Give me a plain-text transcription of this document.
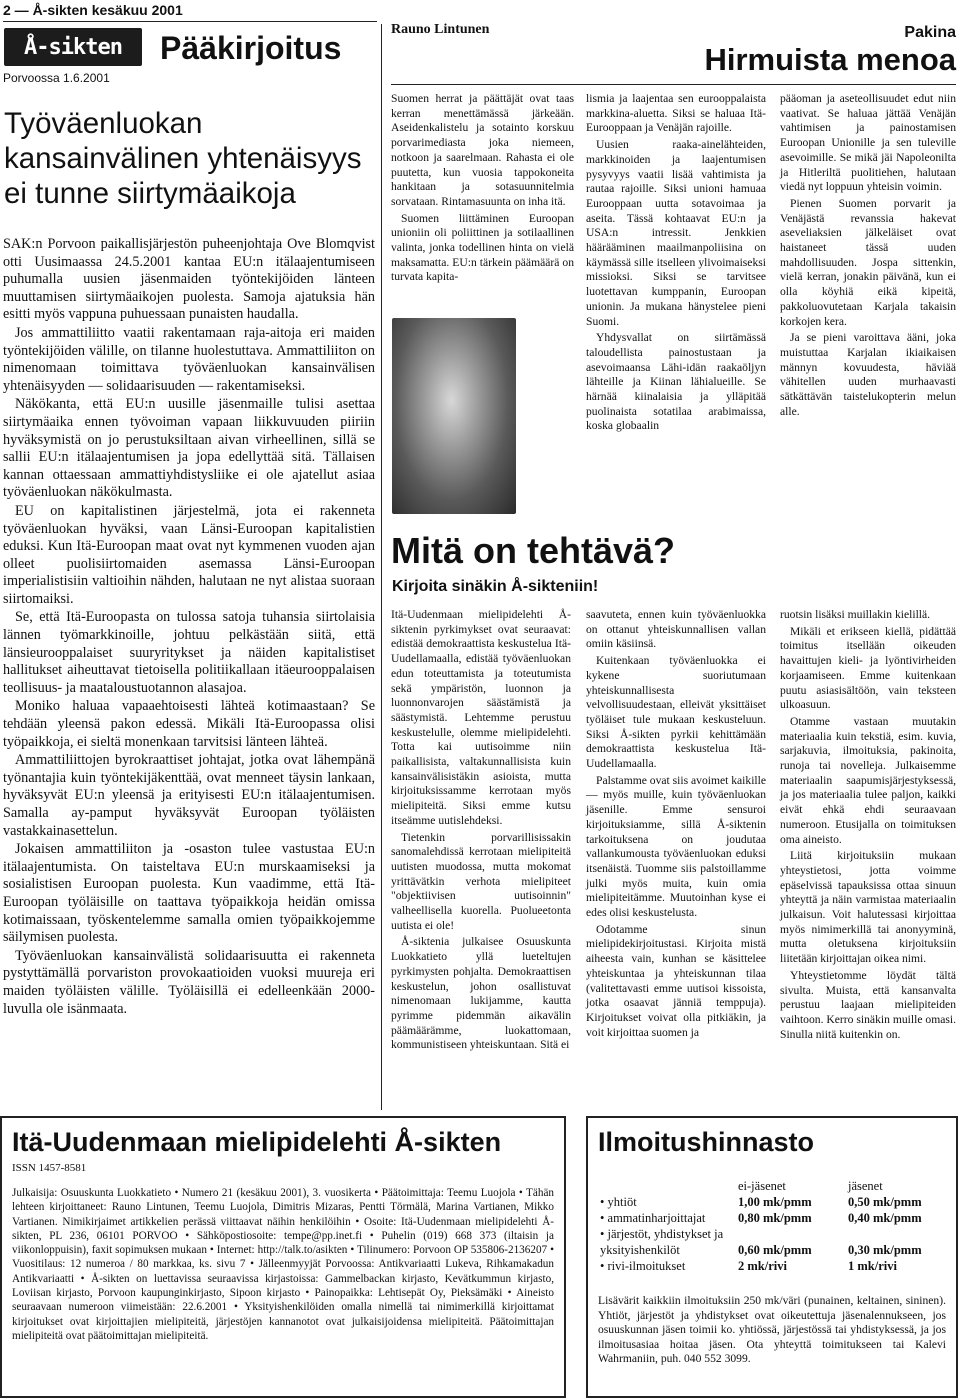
2 — Å-sikten kesäkuu 2001
Å-sikten	Pääkirjoitus
Porvoossa 1.6.2001
Työväenluokan kansainvälinen yhtenäisyys ei tunne siirtymäaikoja

SAK:n Porvoon paikallisjärjestön puheenjohtaja Ove Blomqvist otti Uusimaassa 24.5.2001 kantaa EU:n itälaajentumiseen puhumalla uusien jäsenmaiden työntekijöiden länteen muuttamisen siirtymäaikojen puolesta. Samoja ajatuksia hän esitti myös vappuna puhuessaan punaisten haudalla.

Jos ammattiliitto vaatii rakentamaan raja-aitoja eri maiden työntekijöiden välille, on tilanne huolestuttava. Ammattiliiton on nimenomaan toimittava työväenluokan kansainvälisen yhtenäisyyden — solidaarisuuden — rakentamiseksi.

Näkökanta, että EU:n uusille jäsenmaille tulisi asettaa siirtymäaika ennen työvoiman vapaan liikkuvuuden piiriin hyväksymistä on jo perustuksiltaan aivan virheellinen, sillä se sallii EU:n itälaajentumisen ja jopa edellyttää sitä. Tällaisen kannan ottaessaan ammattiyhdistysliike ei ole ajatellut asiaa työväenluokan näkökulmasta.

EU on kapitalistinen järjestelmä, jota ei rakenneta työväenluokan hyväksi, vaan Länsi-Euroopan kapitalistien eduksi. Kun Itä-Euroopan maat ovat nyt kymmenen vuoden ajan olleet puolisiirtomaiden asemassa Länsi-Euroopan imperialistisiin valtioihin nähden, halutaan ne nyt alistaa suoraan siirtomaiksi.

Se, että Itä-Euroopasta on tulossa satoja tuhansia siirtolaisia lännen työmarkkinoille, johtuu pelkästään siitä, että länsieurooppalaiset suuryritykset ja näiden kapitalistiset hallitukset aiheuttavat tietoisella politiikallaan itäeurooppalaisen teollisuus- ja maataloustuotannon alasajoa.

Moniko haluaa vapaaehtoisesti lähteä kotimaastaan? Se tehdään yleensä pakon edessä. Mikäli Itä-Euroopassa olisi työpaikkoja, ei sieltä monenkaan tarvitsisi länteen lähteä.

Ammattiliittojen byrokraattiset johtajat, jotka ovat lähempänä työnantajia kuin työntekijäkenttää, ovat menneet täysin lankaan, hyväksyvät EU:n yleensä ja erityisesti EU:n itälaajentumisen. Samalla ay-pamput hyväksyvät Euroopan työläisten vastakkainasettelun.

Jokaisen ammattiliiton ja -osaston tulee vastustaa EU:n itälaajentumista. On taisteltava EU:n murskaamiseksi ja sosialistisen Euroopan puolesta. Kun vaadimme, että Itä-Euroopan työläisille on taattava työpaikkoja heidän omissa kotimaissaan, työskentelemme samalla omien työpaikkojemme säilymisen puolesta.

Työväenluokan kansainvälistä solidaarisuutta ei rakenneta pystyttämällä porvariston provokaatioiden vuoksi muureja eri maiden työläisten välille. Työläisillä ei edelleenkään 2000-luvulla ole isänmaata.

Rauno Lintunen	Pakina
Hirmuista menoa

Suomen herrat ja päättäjät ovat taas kerran menettämässä järkeään. Aseidenkalistelu ja sotainto korskuu porvarimediasta joka niemeen, notkoon ja saarelmaan. Rahasta ei ole puutetta, kun vuosia tappokoneita hankitaan ja sotasuunnitelmia sorvataan. Rintamasuunta on inha itä.

Suomen liittäminen Euroopan unioniin oli poliittinen ja sotilaallinen valinta, jonka todellinen hinta on vielä maksamatta. EU:n tärkein päämäärä on turvata kapita-

lismia ja laajentaa sen eurooppalaista markkina-aluetta. Siksi se haluaa Itä-Eurooppaan ja Venäjän rajoille.

Uusien raaka-ainelähteiden, markkinoiden ja laajentumisen pysyvyys vaatii lisää vahtimista ja rautaa rajoille. Siksi unioni hamuaa Eurooppaan uutta sotavoimaa ja aseita. Tässä kohtaavat EU:n ja USA:n intressit. Jenkkien häärääminen maailmanpoliisina on käymässä sille itselleen ylivoimaiseksi missioksi. Siksi se tarvitsee luotettavan kumppanin, Euroopan unionin. Ja mukana hänystelee pieni Suomi.

Yhdysvallat on siirtämässä taloudellista painostustaan ja asevoimaansa Lähi-idän raakaöljyn lähteille ja Kiinan lähialueille. Se härnää kiinalaisia ja ylläpitää puolinaista sotatilaa arabimaissa, koska globaalin

pääoman ja aseteollisuudet edut niin vaativat. Se haluaa jättää Venäjän vahtimisen ja painostamisen Euroopan Unionille ja sen tuleville asevoimille. Se mikä jäi Napoleonilta ja Hitleriltä puolitiehen, halutaan viedä nyt loppuun yhteisin voimin.

Pienen Suomen porvarit ja Venäjästä revanssia hakevat aseveliaksien jälkeläiset ovat haistaneet tässä uuden mahdollisuuden. Jospa sittenkin, vielä kerran, jonakin päivänä, kun ei olla köyhiä eikä kipeitä, pakkoluovutetaan Karjala takaisin korkojen kera.

Ja se pieni varoittava ääni, joka muistuttaa Karjalan ikiaikaisen männyn kovuudesta, häviää vähitellen uuden murhaavasti sätkättävän taistelukopterin melun alle.

Mitä on tehtävä?
Kirjoita sinäkin Å-sikteniin!

Itä-Uudenmaan mielipidelehti Å-siktenin pyrkimykset ovat seuraavat: edistää demokraattista keskustelua Itä-Uudellamaalla, edistää työväenluokan edun toteuttamista ja toteutumista sekä ympäristön, luonnon ja luonnonvarojen säästämistä ja säästymistä. Lehtemme perustuu keskustelulle, olemme mielipidelehti. Totta kai uutisoimme niin paikallisista, valtakunnallisista kuin kansainvälisistäkin asioista, mutta kirjoituksissamme kerrotaan myös mielipiteitä. Siksi emme kutsu itseämme uutislehdeksi.

Tietenkin porvarillisissakin sanomalehdissä kerrotaan mielipiteitä uutisten muodossa, mutta mokomat yrittävätkin verhota mielipiteet "objektiivisen uutisoinnin" valheellisella kuorella. Puolueetonta uutista ei ole!

Å-siktenia julkaisee Osuuskunta Luokkatieto yllä lueteltujen pyrkimysten pohjalta. Demokraattisen keskustelun, johon osallistuvat nimenomaan lukijamme, kautta pyrimme pidemmän aikavälin päämäärämme, luokattomaan, kommunistiseen yhteiskuntaan. Sitä ei

saavuteta, ennen kuin työväenluokka on ottanut yhteiskunnallisen vallan omiin käsiinsä.

Kuitenkaan työväenluokka ei kykene suoriutumaan yhteiskunnallisesta velvollisuudestaan, elleivät yksittäiset työläiset tule mukaan keskusteluun. Siksi Å-sikten pyrkii kehittämään demokraattista keskustelua Itä-Uudellamaalla.

Palstamme ovat siis avoimet kaikille — myös muille, kuin työväenluokan jäsenille. Emme sensuroi kirjoituksiamme, sillä Å-siktenin tarkoituksena on joudutaa vallankumousta työväenluokan eduksi itsenäistä. Tuomme siis palstoillamme julki myös muita, kuin omia mielipiteitämme. Muutoinhan kyse ei edes olisi keskustelusta.

Odotamme sinun mielipidekirjoitustasi. Kirjoita mistä aiheesta vain, kunhan se käsittelee yhteiskuntaa ja yhteiskunnan tilaa (valitettavasti emme uutisoi kissoista, jotka osaavat jänniä temppuja). Kirjoitukset voivat olla pitkiäkin, ja voit kirjoittaa suomen ja

ruotsin lisäksi muillakin kielillä.

Mikäli et erikseen kiellä, pidättää toimitus itsellään oikeuden havaittujen kieli- ja lyöntivirheiden korjaamiseen. Emme kuitenkaan puutu asiasisältöön, vain teksteen ulkoasuun.

Otamme vastaan muutakin materiaalia kuin tekstiä, esim. kuvia, sarjakuvia, ilmoituksia, pakinoita, runoja tai novelleja. Julkaisemme materiaalin saapumisjärjestyksessä, ja jos materiaalia tulee paljon, kaikki eivät ehkä ehdi seuraavaan numeroon. Etusijalla on toimituksen oma aineisto.

Liitä kirjoituksiin mukaan yhteystietosi, jotta voimme epäselvissä tapauksissa ottaa sinuun yhteyttä ja näin varmistaa materiaalin julkaisun. Voit halutessasi kirjoittaa myös nimimerkillä tai anonyyminä, mutta oletuksena kirjoituksiin liitetään kirjoittajan oikea nimi.

Yhteystietomme löydät tältä sivulta. Muista, että kansanvalta perustuu laajaan mielipiteiden vaihtoon. Kerro sinäkin muille omasi. Sinulla niitä kuitenkin on.

Itä-Uudenmaan mielipidelehti Å-sikten
ISSN 1457-8581

Julkaisija: Osuuskunta Luokkatieto • Numero 21 (kesäkuu 2001), 3. vuosikerta • Päätoimittaja: Teemu Luojola • Tähän lehteen kirjoittaneet: Rauno Lintunen, Teemu Luojola, Dimitris Mizaras, Pentti Törmälä, Marina Vartianen, Mikko Vartianen. Nimikirjaimet artikkelien perässä viittaavat näihin henkilöihin • Osoite: Itä-Uudenmaan mielipidelehti Å-sikten, PL 236, 06101 PORVOO • Sähköpostiosoite: tempe@pp.inet.fi • Puhelin (019) 668 373 (iltaisin ja viikonloppuisin), faxit sopimuksen mukaan • Internet: http://talk.to/asikten • Tilinumero: Porvoon OP 535806-2136207 • Vuositilaus: 12 numeroa / 80 markkaa, ks. sivu 7 • Jälleenmyyjät Porvoossa: Antikvariaatti Lukeva, Rihkamakadun Antikvariaatti • Å-sikten on luettavissa seuraavissa kirjastoissa: Gammelbackan kirjasto, Kevätkummun kirjasto, Loviisan kirjasto, Porvoon kaupunginkirjasto, Sipoon kirjasto • Painopaikka: Lehtisepät Oy, Pieksämäki • Aineisto seuraavaan numeroon viimeistään: 22.6.2001 • Yksityishenkilöiden omalla nimellä tai nimimerkillä kirjoittamat kirjoitukset ovat kirjoittajien mielipiteitä, järjestöjen kannanotot ovat julkaisijoidensa mielipiteitä. Päätoimittajan mielipiteitä ovat päätoimittajan mielipiteitä.

Ilmoitushinnasto
	ei-jäsenet	jäsenet
• yhtiöt	1,00 mk/pmm	0,50 mk/pmm
• ammatinharjoittajat	0,80 mk/pmm	0,40 mk/pmm
• järjestöt, yhdistykset ja yksityishenkilöt	0,60 mk/pmm	0,30 mk/pmm
• rivi-ilmoitukset	2 mk/rivi	1 mk/rivi

Lisävärit kaikkiin ilmoituksiin 250 mk/väri (punainen, keltainen, sininen). Yhtiöt, järjestöt ja yhdistykset ovat oikeutettuja jäsenalennukseen, jos osuuskunnan jäsen toimii ko. yhtiössä, järjestössä tai yhdistyksessä, ja jos ilmoitusasiaa hoitaa jäsen. Ota yhteyttä toimitukseen tai Kalevi Wahrmaniin, puh. 040 552 3099.
